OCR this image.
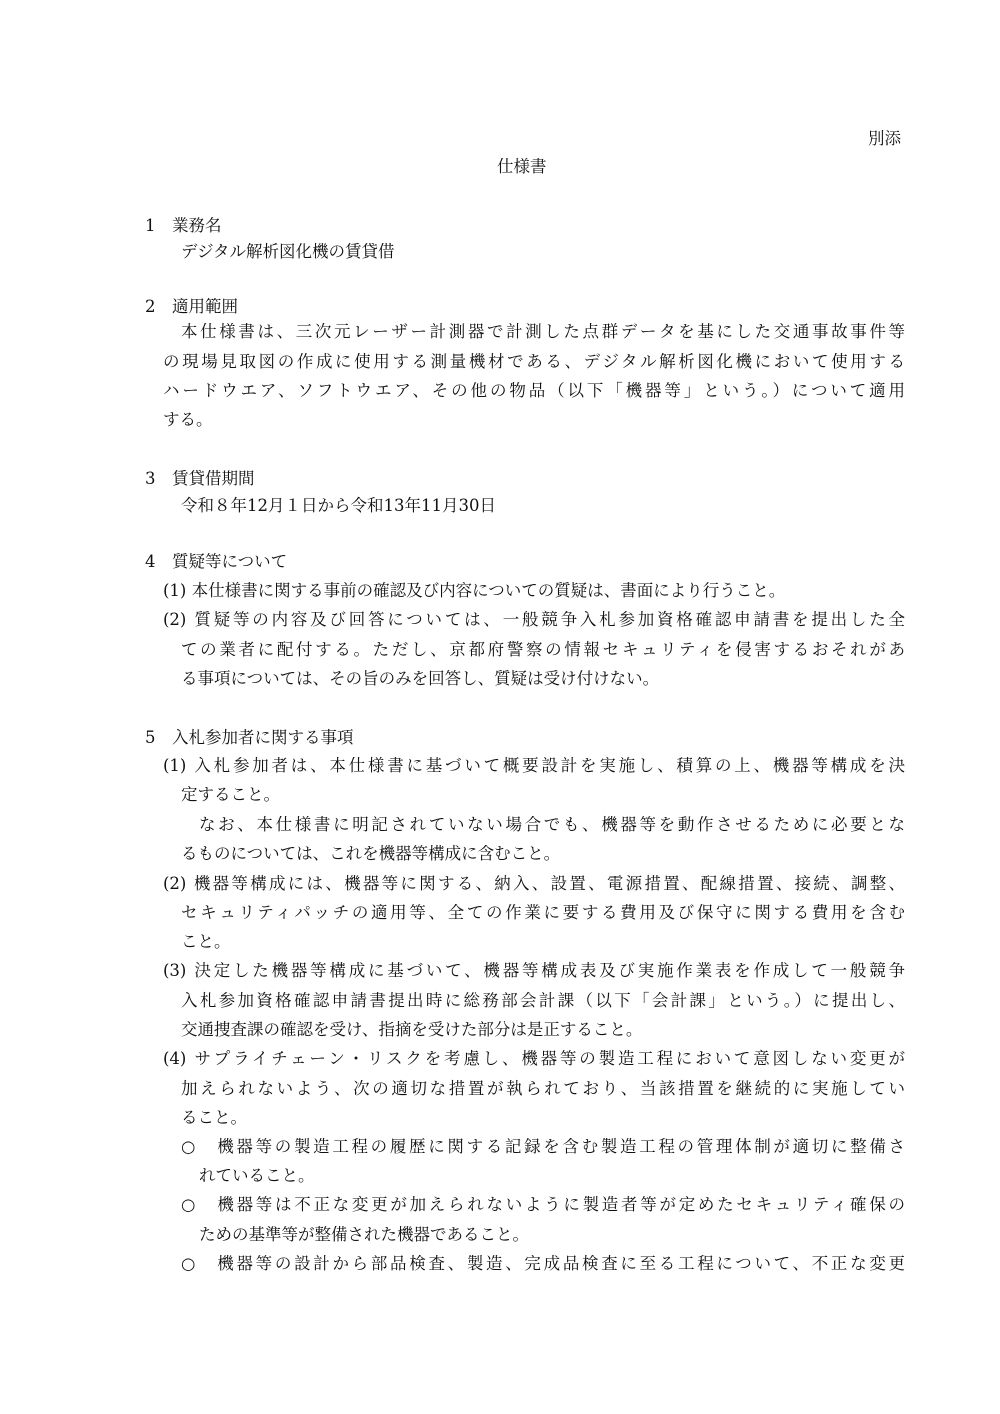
別添
仕様書
1　業務名
デジタル解析図化機の賃貸借
2　適用範囲
本仕様書は、三次元レーザー計測器で計測した点群データを基にした交通事故事件等
の現場見取図の作成に使用する測量機材である、デジタル解析図化機において使用する
ハードウエア、ソフトウエア、その他の物品（以下「機器等」という。）について適用
する。
3　賃貸借期間
令和８年12月１日から令和13年11月30日
4　質疑等について
(1) 本仕様書に関する事前の確認及び内容についての質疑は、書面により行うこと。
(2) 質疑等の内容及び回答については、一般競争入札参加資格確認申請書を提出した全
ての業者に配付する。ただし、京都府警察の情報セキュリティを侵害するおそれがあ
る事項については、その旨のみを回答し、質疑は受け付けない。
5　入札参加者に関する事項
(1) 入札参加者は、本仕様書に基づいて概要設計を実施し、積算の上、機器等構成を決
定すること。
なお、本仕様書に明記されていない場合でも、機器等を動作させるために必要とな
るものについては、これを機器等構成に含むこと。
(2) 機器等構成には、機器等に関する、納入、設置、電源措置、配線措置、接続、調整、
セキュリティパッチの適用等、全ての作業に要する費用及び保守に関する費用を含む
こと。
(3) 決定した機器等構成に基づいて、機器等構成表及び実施作業表を作成して一般競争
入札参加資格確認申請書提出時に総務部会計課（以下「会計課」という。）に提出し、
交通捜査課の確認を受け、指摘を受けた部分は是正すること。
(4) サプライチェーン・リスクを考慮し、機器等の製造工程において意図しない変更が
加えられないよう、次の適切な措置が執られており、当該措置を継続的に実施してい
ること。
○　機器等の製造工程の履歴に関する記録を含む製造工程の管理体制が適切に整備さ
れていること。
○　機器等は不正な変更が加えられないように製造者等が定めたセキュリティ確保の
ための基準等が整備された機器であること。
○　機器等の設計から部品検査、製造、完成品検査に至る工程について、不正な変更
